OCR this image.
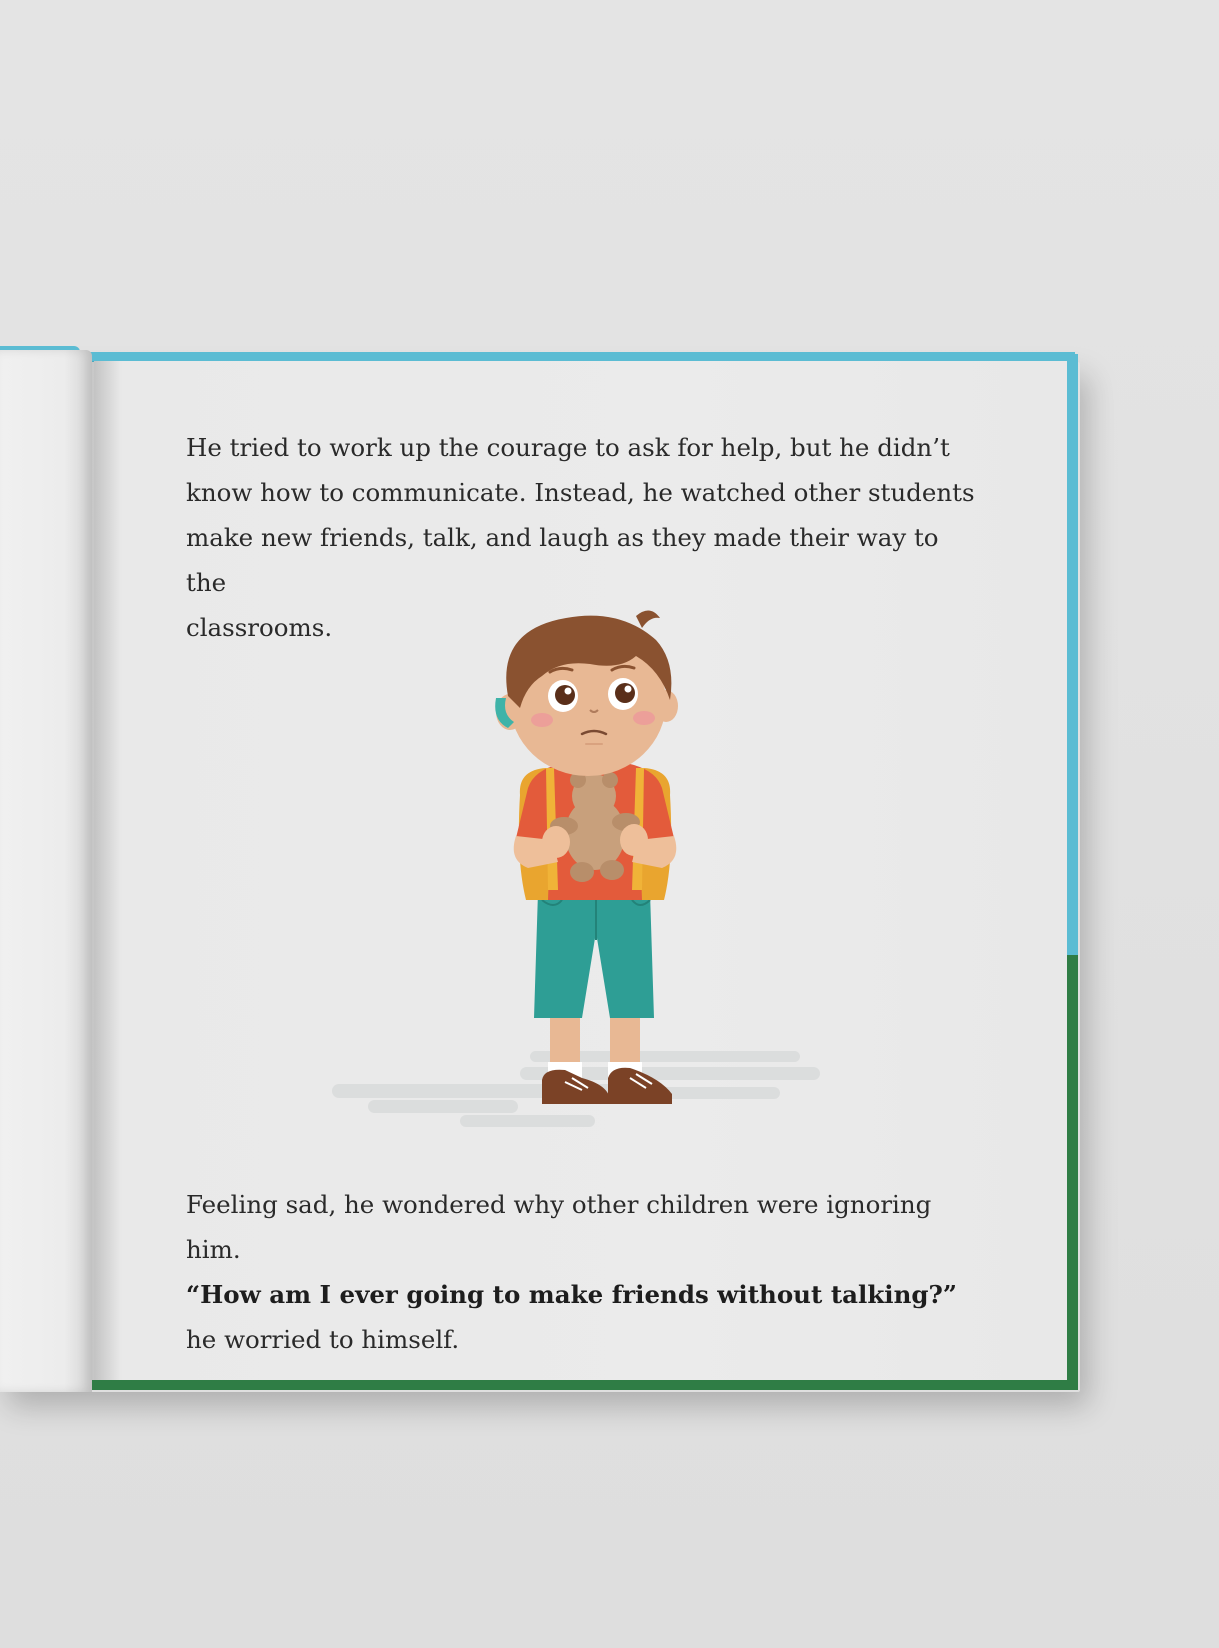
He tried to work up the courage to ask for help, but he didn’t

know how to communicate. Instead, he watched other students

make new friends, talk, and laugh as they made their way to the

classrooms.

Feeling sad, he wondered why other children were ignoring him.

“How am I ever going to make friends without talking?”

he worried to himself.
